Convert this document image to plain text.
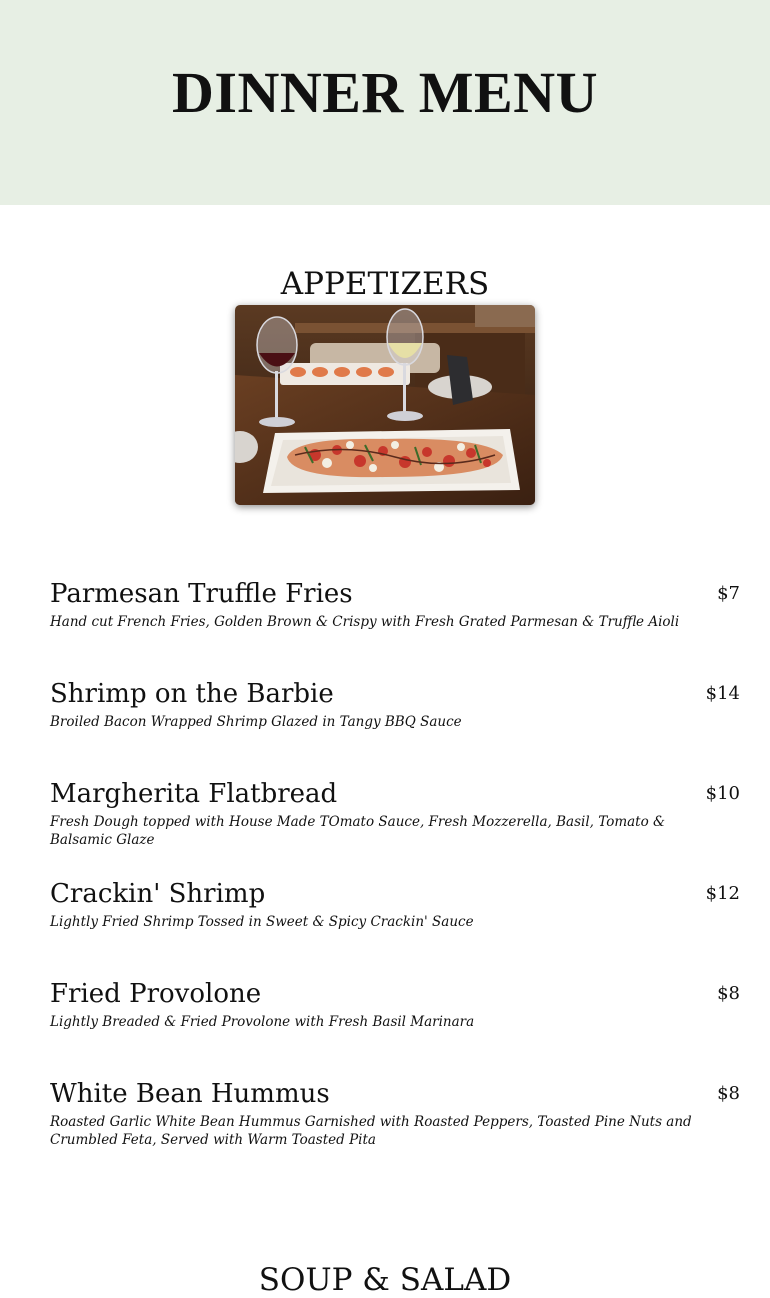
DINNER MENU
APPETIZERS
Parmesan Truffle Fries	$7
Hand cut French Fries, Golden Brown & Crispy with Fresh Grated Parmesan & Truffle Aioli
Shrimp on the Barbie	$14
Broiled Bacon Wrapped Shrimp Glazed in Tangy BBQ Sauce
Margherita Flatbread	$10
Fresh Dough topped with House Made TOmato Sauce, Fresh Mozzerella, Basil, Tomato & Balsamic Glaze
Crackin' Shrimp	$12
Lightly Fried Shrimp Tossed in Sweet & Spicy Crackin' Sauce
Fried Provolone	$8
Lightly Breaded & Fried Provolone with Fresh Basil Marinara
White Bean Hummus	$8
Roasted Garlic White Bean Hummus Garnished with Roasted Peppers, Toasted Pine Nuts and Crumbled Feta, Served with Warm Toasted Pita
SOUP & SALAD
